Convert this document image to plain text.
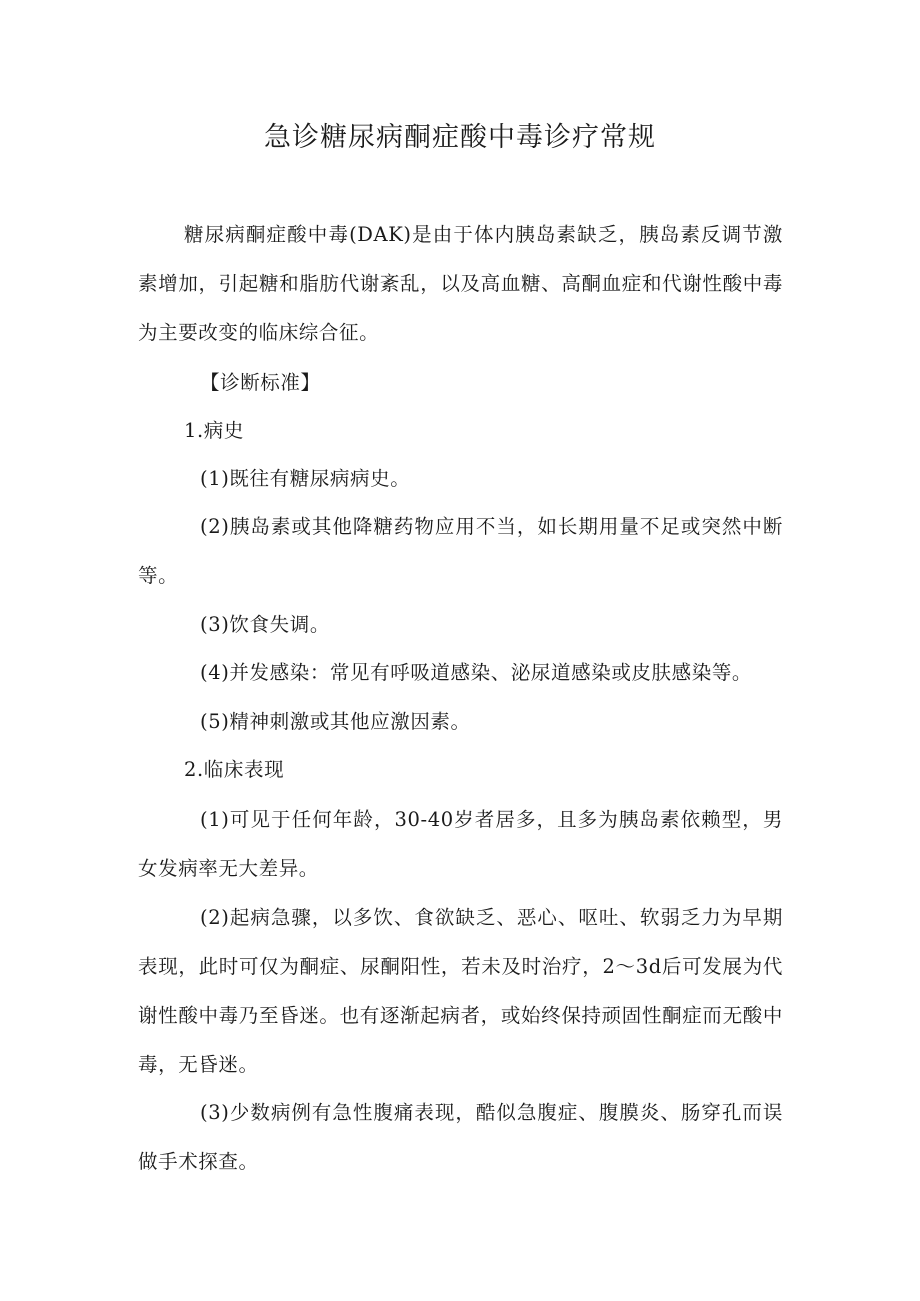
急诊糖尿病酮症酸中毒诊疗常规

糖尿病酮症酸中毒(DAK)是由于体内胰岛素缺乏，胰岛素反调节激素增加，引起糖和脂肪代谢紊乱，以及高血糖、高酮血症和代谢性酸中毒为主要改变的临床综合征。

【诊断标准】

1.病史

(1)既往有糖尿病病史。

(2)胰岛素或其他降糖药物应用不当，如长期用量不足或突然中断等。

(3)饮食失调。

(4)并发感染：常见有呼吸道感染、泌尿道感染或皮肤感染等。

(5)精神刺激或其他应激因素。

2.临床表现

(1)可见于任何年龄，30-40岁者居多，且多为胰岛素依赖型，男女发病率无大差异。

(2)起病急骤，以多饮、食欲缺乏、恶心、呕吐、软弱乏力为早期表现，此时可仅为酮症、尿酮阳性，若未及时治疗，2～3d后可发展为代谢性酸中毒乃至昏迷。也有逐渐起病者，或始终保持顽固性酮症而无酸中毒，无昏迷。

(3)少数病例有急性腹痛表现，酷似急腹症、腹膜炎、肠穿孔而误做手术探查。
